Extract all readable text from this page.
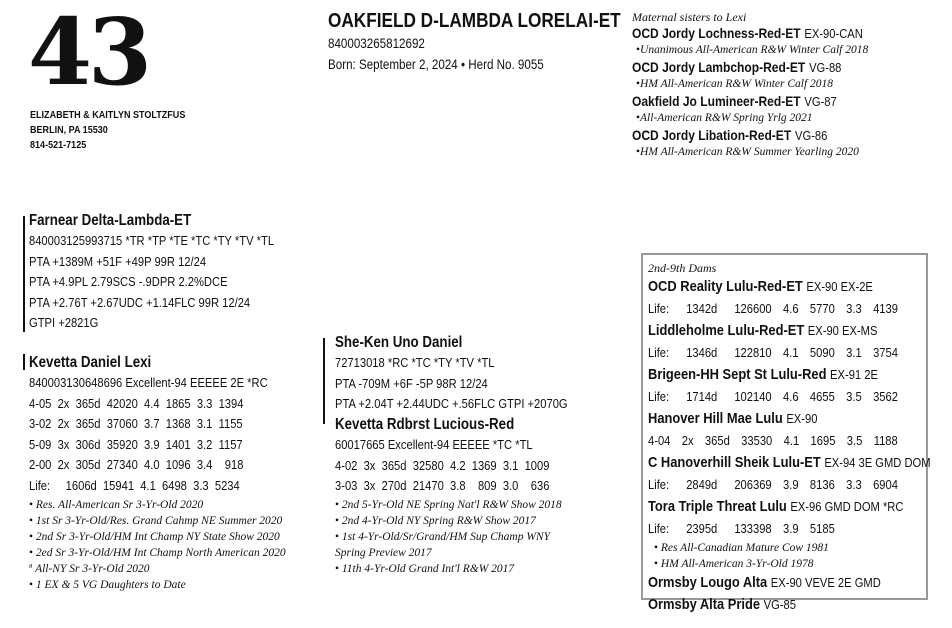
43
ELIZABETH & KAITLYN STOLTZFUS
BERLIN, PA 15530
814-521-7125
OAKFIELD D-LAMBDA LORELAI-ET
840003265812692
Born: September 2, 2024 • Herd No. 9055
Maternal sisters to Lexi
OCD Jordy Lochness-Red-ET EX-90-CAN
•Unanimous All-American R&W Winter Calf 2018
OCD Jordy Lambchop-Red-ET VG-88
•HM All-American R&W Winter Calf 2018
Oakfield Jo Lumineer-Red-ET VG-87
•All-American R&W Spring Yrlg 2021
OCD Jordy Libation-Red-ET VG-86
•HM All-American R&W Summer Yearling 2020
Farnear Delta-Lambda-ET
840003125993715 *TR *TP *TE *TC *TY *TV *TL
PTA +1389M +51F +49P 99R 12/24
PTA +4.9PL 2.79SCS -.9DPR 2.2%DCE
PTA +2.76T +2.67UDC +1.14FLC 99R 12/24
GTPI +2821G
Kevetta Daniel Lexi
840003130648696 Excellent-94 EEEEE 2E *RC
4-05  2x  365d  42020  4.4  1865  3.3  1394
3-02  2x  365d  37060  3.7  1368  3.1  1155
5-09  3x  306d  35920  3.9  1401  3.2  1157
2-00  2x  305d  27340  4.0  1096  3.4    918
Life:     1606d  15941  4.1  6498  3.3  5234
• Res. All-American Sr 3-Yr-Old 2020
• 1st Sr 3-Yr-Old/Res. Grand Cahmp NE Summer 2020
• 2nd Sr 3-Yr-Old/HM Int Champ NY State Show 2020
• 2ed Sr 3-Yr-Old/HM Int Champ North American 2020
ª All-NY Sr 3-Yr-Old 2020
• 1 EX & 5 VG Daughters to Date
She-Ken Uno Daniel
72713018 *RC *TC *TY *TV *TL
PTA -709M +6F -5P 98R 12/24
PTA +2.04T +2.44UDC +.56FLC GTPI +2070G
Kevetta Rdbrst Lucious-Red
60017665 Excellent-94 EEEEE *TC *TL
4-02  3x  365d  32580  4.2  1369  3.1  1009
3-03  3x  270d  21470  3.8    809  3.0    636
• 2nd 5-Yr-Old NE Spring Nat'l R&W Show 2018
• 2nd 4-Yr-Old NY Spring R&W Show 2017
• 1st 4-Yr-Old/Sr/Grand/HM Sup Champ WNY
Spring Preview 2017
• 11th 4-Yr-Old Grand Int'l R&W 2017
2nd-9th Dams
OCD Reality Lulu-Red-ET EX-90 EX-2E
Life:   1342d   126600  4.6  5770  3.3  4139
Liddleholme Lulu-Red-ET EX-90 EX-MS
Life:   1346d   122810  4.1  5090  3.1  3754
Brigeen-HH Sept St Lulu-Red EX-91 2E
Life:   1714d   102140  4.6  4655  3.5  3562
Hanover Hill Mae Lulu EX-90
4-04  2x  365d  33530  4.1  1695  3.5  1188
C Hanoverhill Sheik Lulu-ET EX-94 3E GMD DOM
Life:   2849d   206369  3.9  8136  3.3  6904
Tora Triple Threat Lulu EX-96 GMD DOM *RC
Life:   2395d   133398  3.9  5185
• Res All-Canadian Mature Cow 1981
• HM All-American 3-Yr-Old 1978
Ormsby Lougo Alta EX-90 VEVE 2E GMD
Ormsby Alta Pride VG-85
